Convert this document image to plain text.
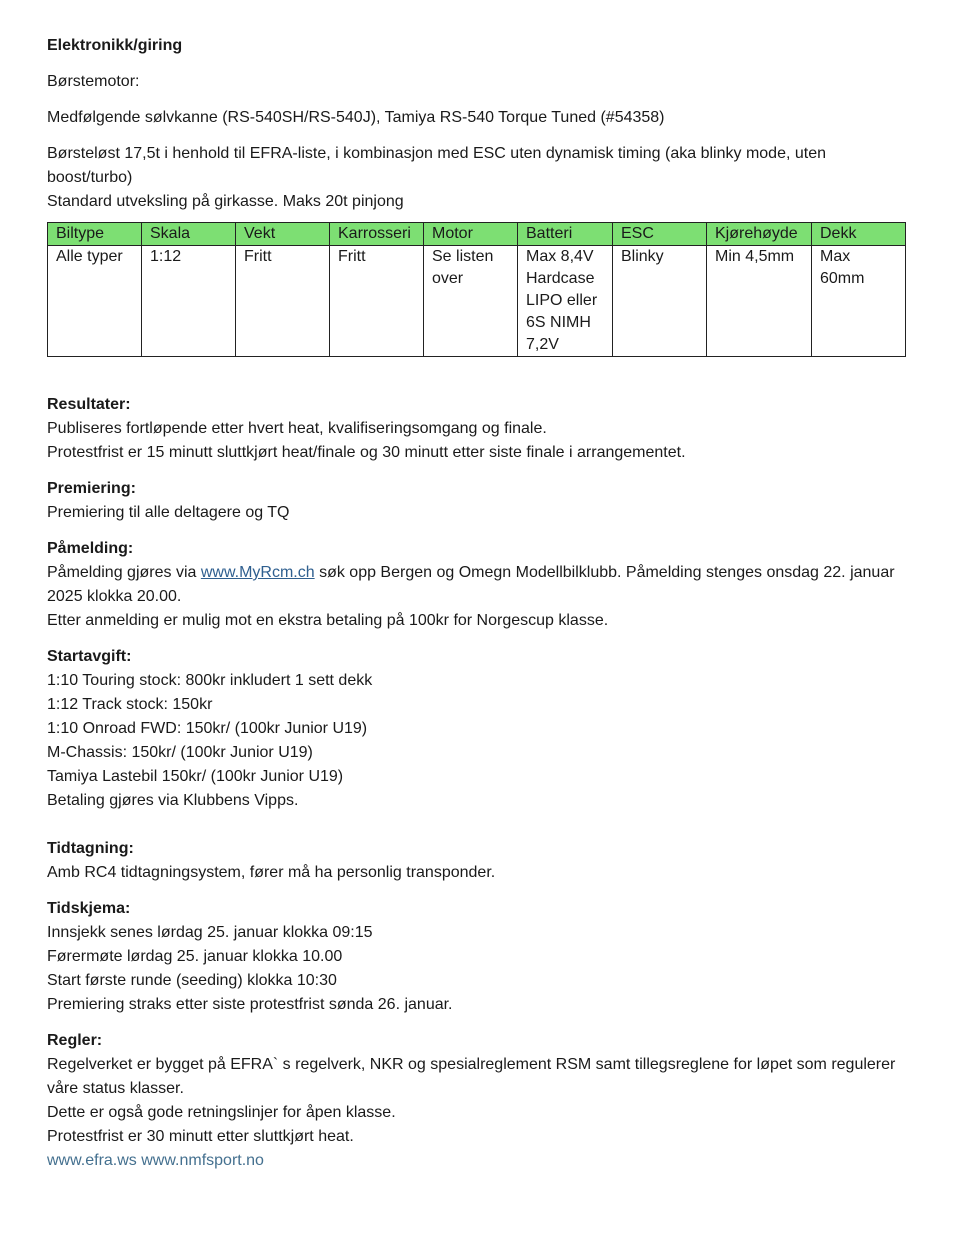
Elektronikk/giring

Børstemotor:

Medfølgende sølvkanne (RS-540SH/RS-540J), Tamiya RS-540 Torque Tuned (#54358)

Børsteløst 17,5t i henhold til EFRA-liste, i kombinasjon med ESC uten dynamisk timing (aka blinky mode, uten boost/turbo)

Standard utveksling på girkasse. Maks 20t pinjong

Biltype	Skala	Vekt	Karrosseri	Motor	Batteri	ESC	Kjørehøyde	Dekk
Alle typer	1:12	Fritt	Fritt	Se listen over	Max 8,4V Hardcase LIPO eller 6S NIMH 7,2V	Blinky	Min 4,5mm	Max 60mm

Resultater:

Publiseres fortløpende etter hvert heat, kvalifiseringsomgang og finale.

Protestfrist er 15 minutt sluttkjørt heat/finale og 30 minutt etter siste finale i arrangementet.

Premiering:

Premiering til alle deltagere og TQ

Påmelding:

Påmelding gjøres via www.MyRcm.ch søk opp Bergen og Omegn Modellbilklubb. Påmelding stenges onsdag 22. januar 2025 klokka 20.00.

Etter anmelding er mulig mot en ekstra betaling på 100kr for Norgescup klasse.

Startavgift:

1:10 Touring stock: 800kr inkludert 1 sett dekk

1:12 Track stock: 150kr

1:10 Onroad FWD: 150kr/ (100kr Junior U19)

M-Chassis: 150kr/ (100kr Junior U19)

Tamiya Lastebil 150kr/ (100kr Junior U19)

Betaling gjøres via Klubbens Vipps.

Tidtagning:

Amb RC4 tidtagningsystem, fører må ha personlig transponder.

Tidskjema:

Innsjekk senes lørdag 25. januar klokka 09:15

Førermøte lørdag 25. januar klokka 10.00

Start første runde (seeding) klokka 10:30

Premiering straks etter siste protestfrist sønda 26. januar.

Regler:

Regelverket er bygget på EFRA` s regelverk, NKR og spesialreglement RSM samt tillegsreglene for løpet som regulerer våre status klasser.

Dette er også gode retningslinjer for åpen klasse.

Protestfrist er 30 minutt etter sluttkjørt heat.

www.efra.ws www.nmfsport.no
